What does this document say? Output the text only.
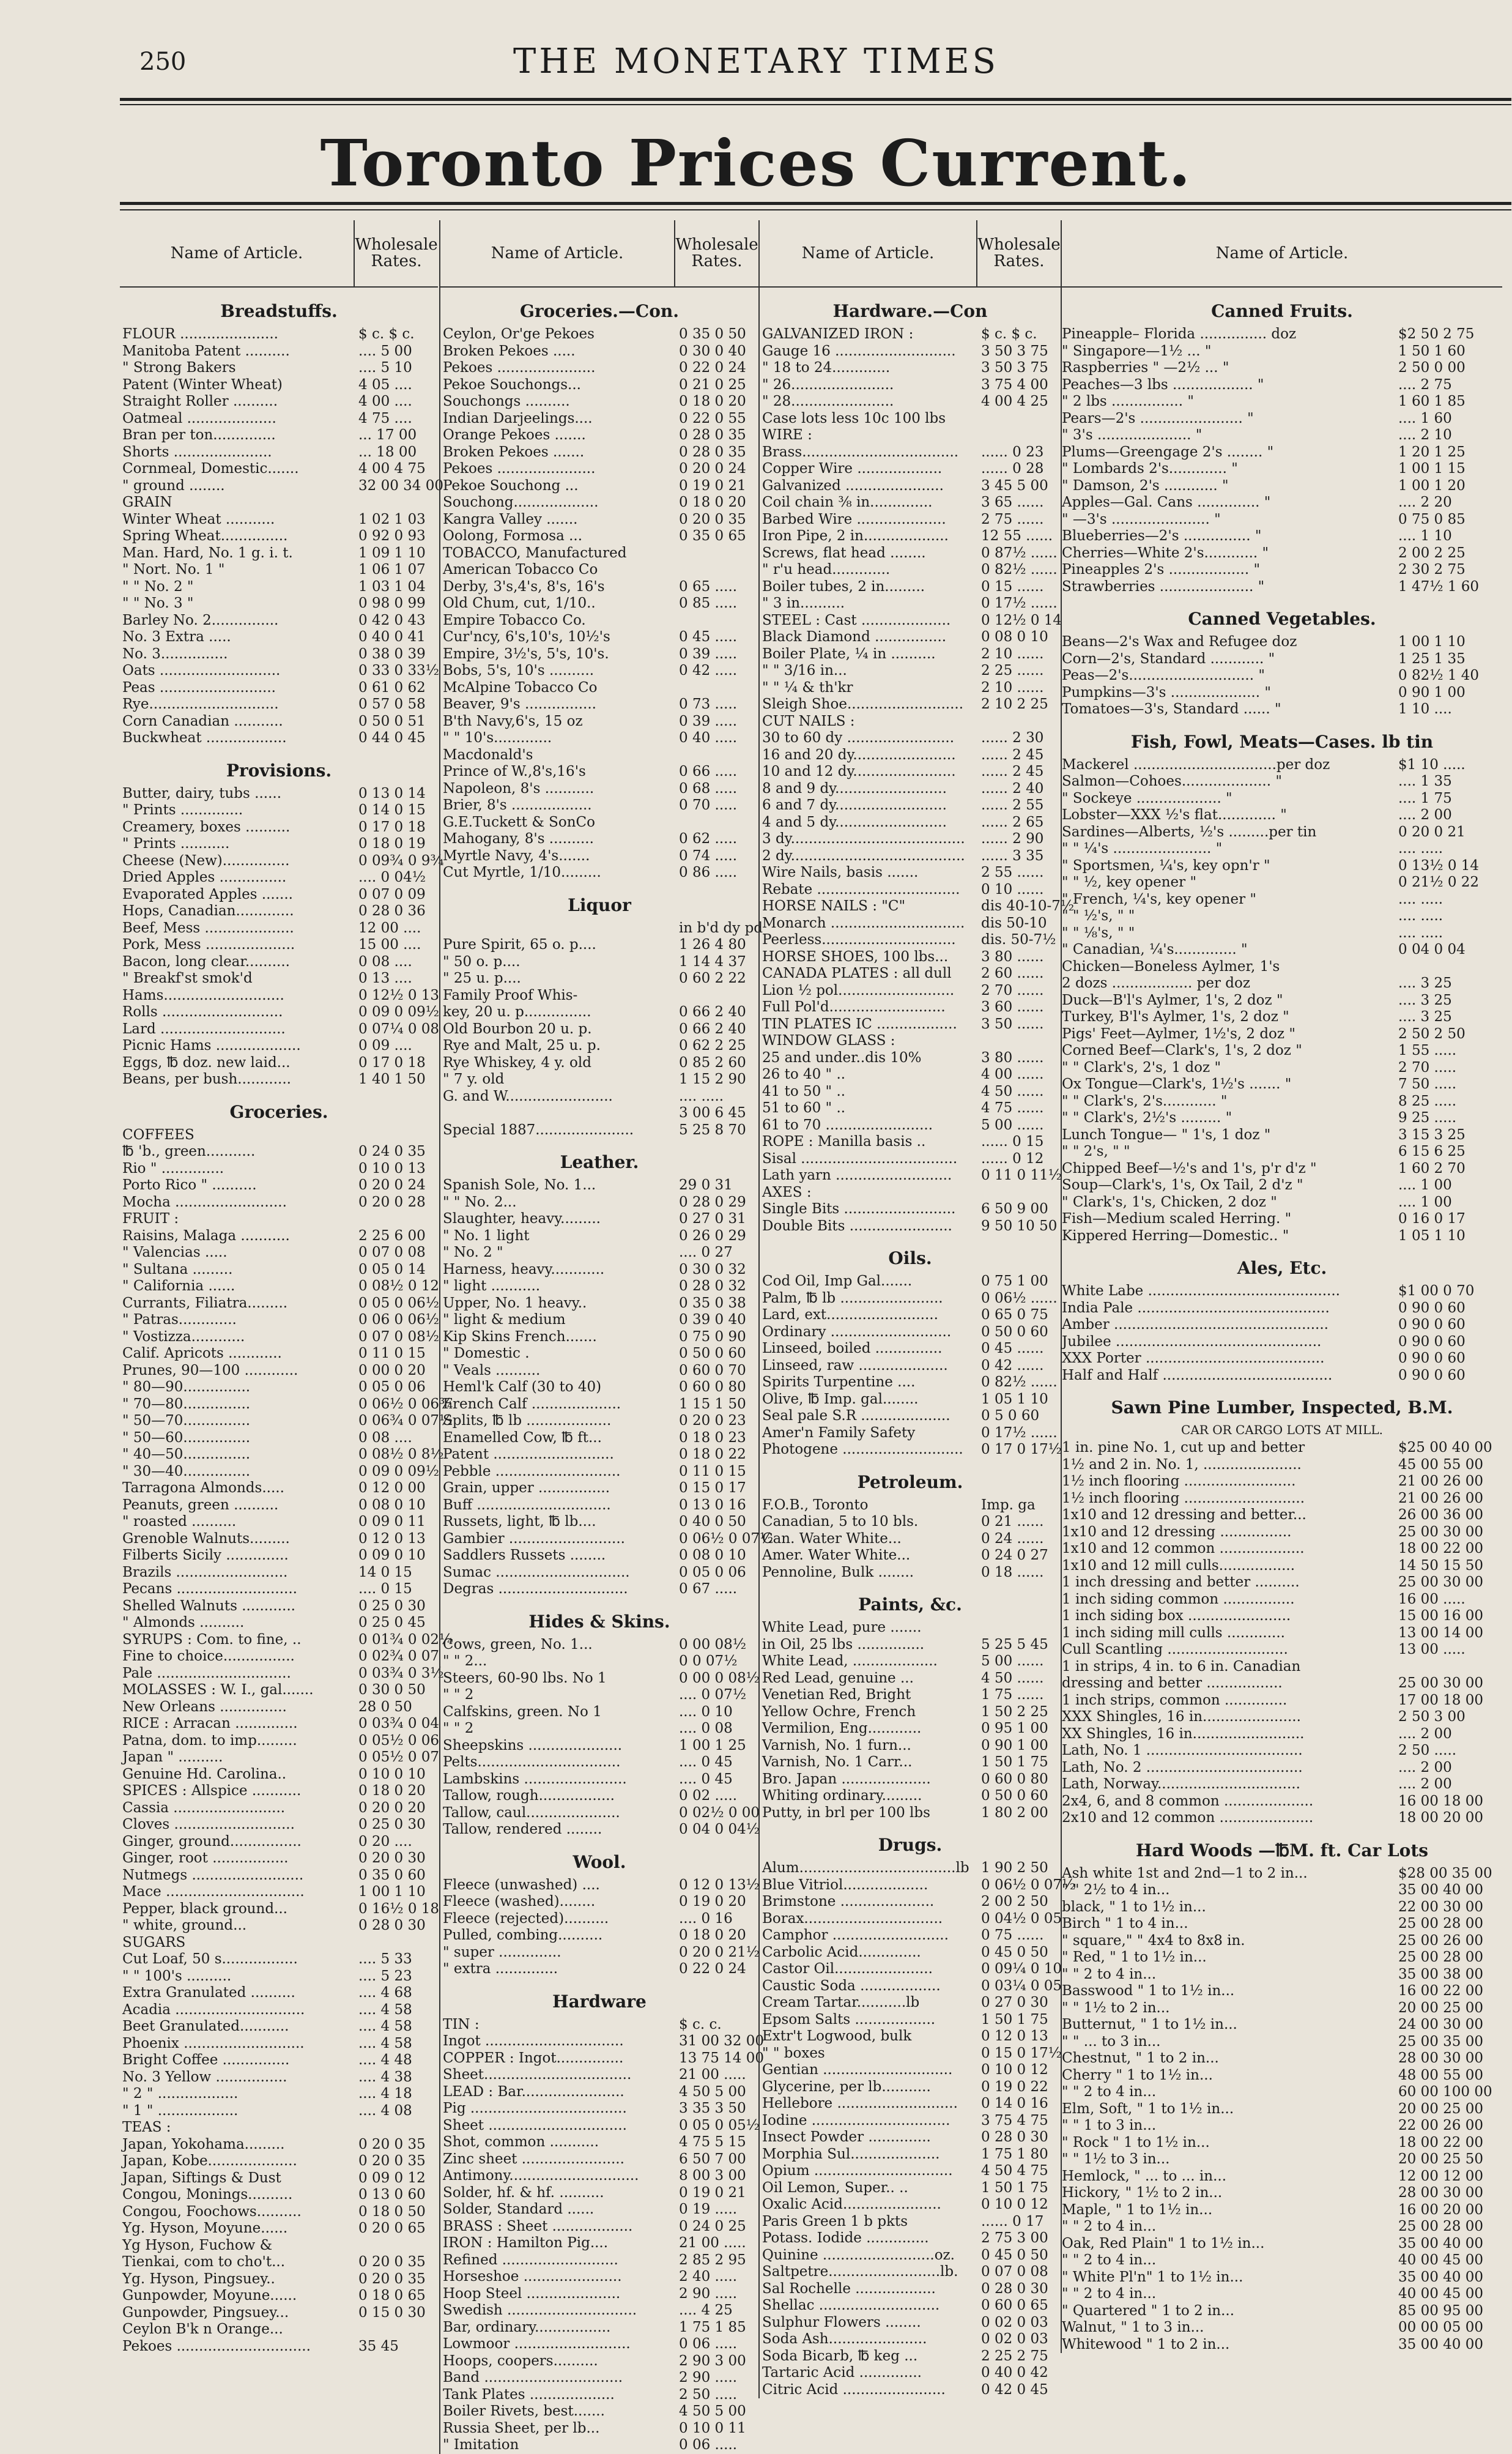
250	THE MONETARY TIMES
Toronto Prices Current.
Name of Article.	Wholesale Rates.
Breadstuffs.
FLOUR ......................	$ c. $ c.
Manitoba Patent ..........	.... 5 00
" Strong Bakers	.... 5 10
Patent (Winter Wheat)	4 05 ....
Straight Roller ..........	4 00 ....
Oatmeal ....................	4 75 ....
Bran per ton..............	... 17 00
Shorts ......................	... 18 00
Cornmeal, Domestic.......	4 00 4 75
" ground ........	32 00 34 00
GRAIN
Winter Wheat ...........	1 02 1 03
Spring Wheat...............	0 92 0 93
Man. Hard, No. 1 g. i. t.	1 09 1 10
" Nort. No. 1 "	1 06 1 07
" " No. 2 "	1 03 1 04
" " No. 3 "	0 98 0 99
Barley No. 2...............	0 42 0 43
No. 3 Extra .....	0 40 0 41
No. 3...............	0 38 0 39
Oats ...........................	0 33 0 33½
Peas ..........................	0 61 0 62
Rye.............................	0 57 0 58
Corn Canadian ...........	0 50 0 51
Buckwheat ..................	0 44 0 45
Provisions.
Butter, dairy, tubs ......	0 13 0 14
" Prints ..............	0 14 0 15
Creamery, boxes ..........	0 17 0 18
" Prints ...........	0 18 0 19
Cheese (New)...............	0 09¾ 0 9¾
Dried Apples ...............	.... 0 04½
Evaporated Apples .......	0 07 0 09
Hops, Canadian.............	0 28 0 36
Beef, Mess ....................	12 00 ....
Pork, Mess ....................	15 00 ....
Bacon, long clear..........	0 08 ....
" Breakf'st smok'd	0 13 ....
Hams...........................	0 12½ 0 13
Rolls ...........................	0 09 0 09½
Lard ............................	0 07¼ 0 08
Picnic Hams ...................	0 09 ....
Eggs, ℔ doz. new laid...	0 17 0 18
Beans, per bush............	1 40 1 50
Groceries.
COFFEES
℔ 'b., green...........	0 24 0 35
Rio " ..............	0 10 0 13
Porto Rico " ..........	0 20 0 24
Mocha .........................	0 20 0 28
FRUIT :
Raisins, Malaga ...........	2 25 6 00
" Valencias .....	0 07 0 08
" Sultana .........	0 05 0 14
" California ......	0 08½ 0 12
Currants, Filiatra.........	0 05 0 06½
" Patras.............	0 06 0 06½
" Vostizza............	0 07 0 08½
Calif. Apricots ............	0 11 0 15
Prunes, 90—100 ............	0 00 0 20
" 80—90...............	0 05 0 06
" 70—80...............	0 06½ 0 06¾
" 50—70...............	0 06¾ 0 07½
" 50—60...............	0 08 ....
" 40—50...............	0 08½ 0 8½
" 30—40...............	0 09 0 09½
Tarragona Almonds.....	0 12 0 00
Peanuts, green ..........	0 08 0 10
" roasted ..........	0 09 0 11
Grenoble Walnuts.........	0 12 0 13
Filberts Sicily ..............	0 09 0 10
Brazils .........................	14 0 15
Pecans ...........................	.... 0 15
Shelled Walnuts ............	0 25 0 30
" Almonds ..........	0 25 0 45
SYRUPS : Com. to fine, ..	0 01¾ 0 02¼
Fine to choice................	0 02¾ 0 07
Pale ..............................	0 03¾ 0 3½
MOLASSES : W. I., gal.......	0 30 0 50
New Orleans ...............	28 0 50
RICE : Arracan ..............	0 03¾ 0 04
Patna, dom. to imp.........	0 05½ 0 06
Japan " ..........	0 05½ 0 07
Genuine Hd. Carolina..	0 10 0 10
SPICES : Allspice ...........	0 18 0 20
Cassia .........................	0 20 0 20
Cloves ...........................	0 25 0 30
Ginger, ground................	0 20 ....
Ginger, root .................	0 20 0 30
Nutmegs .........................	0 35 0 60
Mace ...............................	1 00 1 10
Pepper, black ground...	0 16½ 0 18
" white, ground...	0 28 0 30
SUGARS
Cut Loaf, 50 s.................	.... 5 33
" " 100's ..........	.... 5 23
Extra Granulated ..........	.... 4 68
Acadia .............................	.... 4 58
Beet Granulated...........	.... 4 58
Phoenix ...........................	.... 4 58
Bright Coffee ...............	.... 4 48
No. 3 Yellow ................	.... 4 38
" 2 " ..................	.... 4 18
" 1 " ..................	.... 4 08
TEAS :
Japan, Yokohama.........	0 20 0 35
Japan, Kobe....................	0 20 0 35
Japan, Siftings & Dust	0 09 0 12
Congou, Monings..........	0 13 0 60
Congou, Foochows..........	0 18 0 50
Yg. Hyson, Moyune......	0 20 0 65
Yg Hyson, Fuchow &
Tienkai, com to cho't...	0 20 0 35
Yg. Hyson, Pingsuey..	0 20 0 35
Gunpowder, Moyune......	0 18 0 65
Gunpowder, Pingsuey...	0 15 0 30
Ceylon B'k n Orange...
Pekoes ..............................	35 45
Name of Article.	Wholesale Rates.
Groceries.—Con.
Ceylon, Or'ge Pekoes	0 35 0 50
Broken Pekoes .....	0 30 0 40
Pekoes ......................	0 22 0 24
Pekoe Souchongs...	0 21 0 25
Souchongs ..........	0 18 0 20
Indian Darjeelings....	0 22 0 55
Orange Pekoes .......	0 28 0 35
Broken Pekoes .......	0 28 0 35
Pekoes ......................	0 20 0 24
Pekoe Souchong ...	0 19 0 21
Souchong...................	0 18 0 20
Kangra Valley .......	0 20 0 35
Oolong, Formosa ...	0 35 0 65
TOBACCO, Manufactured
American Tobacco Co
Derby, 3's,4's, 8's, 16's	0 65 .....
Old Chum, cut, 1/10..	0 85 .....
Empire Tobacco Co.
Cur'ncy, 6's,10's, 10½'s	0 45 .....
Empire, 3½'s, 5's, 10's.	0 39 .....
Bobs, 5's, 10's ..........	0 42 .....
McAlpine Tobacco Co
Beaver, 9's ................	0 73 .....
B'th Navy,6's, 15 oz	0 39 .....
" " 10's.............	0 40 .....
Macdonald's
Prince of W.,8's,16's	0 66 .....
Napoleon, 8's ...........	0 68 .....
Brier, 8's ..................	0 70 .....
G.E.Tuckett & SonCo
Mahogany, 8's ..........	0 62 .....
Myrtle Navy, 4's.......	0 74 .....
Cut Myrtle, 1/10.........	0 86 .....
Liquor
in b'd dy pd
Pure Spirit, 65 o. p....	1 26 4 80
" 50 o. p....	1 14 4 37
" 25 u. p....	0 60 2 22
Family Proof Whis-
key, 20 u. p...............	0 66 2 40
Old Bourbon 20 u. p.	0 66 2 40
Rye and Malt, 25 u. p.	0 62 2 25
Rye Whiskey, 4 y. old	0 85 2 60
" 7 y. old	1 15 2 90
G. and W........................	.... .....
3 00 6 45
Special 1887......................	5 25 8 70
Leather.
Spanish Sole, No. 1...	29 0 31
" " No. 2...	0 28 0 29
Slaughter, heavy.........	0 27 0 31
" No. 1 light	0 26 0 29
" No. 2 "	.... 0 27
Harness, heavy............	0 30 0 32
" light ...........	0 28 0 32
Upper, No. 1 heavy..	0 35 0 38
" light & medium	0 39 0 40
Kip Skins French.......	0 75 0 90
" Domestic .	0 50 0 60
" Veals ..........	0 60 0 70
Heml'k Calf (30 to 40)	0 60 0 80
French Calf ....................	1 15 1 50
Splits, ℔ lb ...................	0 20 0 23
Enamelled Cow, ℔ ft...	0 18 0 23
Patent ...........................	0 18 0 22
Pebble ............................	0 11 0 15
Grain, upper ................	0 15 0 17
Buff ..............................	0 13 0 16
Russets, light, ℔ lb....	0 40 0 50
Gambier ..........................	0 06½ 0 07½
Saddlers Russets ........	0 08 0 10
Sumac ..............................	0 05 0 06
Degras .............................	0 67 .....
Hides & Skins.
Cows, green, No. 1...	0 00 08½
" " 2...	0 0 07½
Steers, 60-90 lbs. No 1	0 00 0 08½
" " 2	.... 0 07½
Calfskins, green. No 1	.... 0 10
" " 2	.... 0 08
Sheepskins .....................	1 00 1 25
Pelts................................	.... 0 45
Lambskins .......................	.... 0 45
Tallow, rough.................	0 02 .....
Tallow, caul.....................	0 02½ 0 00
Tallow, rendered ........	0 04 0 04½
Wool.
Fleece (unwashed) ....	0 12 0 13½
Fleece (washed)........	0 19 0 20
Fleece (rejected)..........	.... 0 16
Pulled, combing..........	0 18 0 20
" super ..............	0 20 0 21½
" extra ..............	0 22 0 24
Hardware
TIN :	$ c. c.
Ingot ...............................	31 00 32 00
COPPER : Ingot...............	13 75 14 00
Sheet.................................	21 00 .....
LEAD : Bar.......................	4 50 5 00
Pig ...................................	3 35 3 50
Sheet ...............................	0 05 0 05½
Shot, common ...........	4 75 5 15
Zinc sheet .......................	6 50 7 00
Antimony.............................	8 00 3 00
Solder, hf. & hf. ..........	0 19 0 21
Solder, Standard ......	0 19 .....
BRASS : Sheet ..................	0 24 0 25
IRON : Hamilton Pig....	21 00 .....
Refined ..........................	2 85 2 95
Horseshoe ......................	2 40 .....
Hoop Steel .....................	2 90 .....
Swedish .............................	.... 4 25
Bar, ordinary.................	1 75 1 85
Lowmoor ..........................	0 06 .....
Hoops, coopers..........	2 90 3 00
Band ...............................	2 90 .....
Tank Plates ...................	2 50 .....
Boiler Rivets, best.......	4 50 5 00
Russia Sheet, per lb...	0 10 0 11
" Imitation	0 06 .....
Name of Article.	Wholesale Rates.
Hardware.—Con
GALVANIZED IRON :	$ c. $ c.
Gauge 16 ...........................	3 50 3 75
" 18 to 24.............	3 50 3 75
" 26.......................	3 75 4 00
" 28.......................	4 00 4 25
Case lots less 10c 100 lbs
WIRE :
Brass...................................	...... 0 23
Copper Wire ...................	...... 0 28
Galvanized ......................	3 45 5 00
Coil chain ⅜ in..............	3 65 ......
Barbed Wire ....................	2 75 ......
Iron Pipe, 2 in...................	12 55 ......
Screws, flat head ........	0 87½ ......
" r'u head.............	0 82½ ......
Boiler tubes, 2 in.........	0 15 ......
" 3 in..........	0 17½ ......
STEEL : Cast ....................	0 12½ 0 14
Black Diamond ................	0 08 0 10
Boiler Plate, ¼ in ..........	2 10 ......
" " 3/16 in...	2 25 ......
" " ¼ & th'kr	2 10 ......
Sleigh Shoe..........................	2 10 2 25
CUT NAILS :
30 to 60 dy ........................	...... 2 30
16 and 20 dy.......................	...... 2 45
10 and 12 dy.......................	...... 2 45
8 and 9 dy.........................	...... 2 40
6 and 7 dy.........................	...... 2 55
4 and 5 dy.........................	...... 2 65
3 dy.......................................	...... 2 90
2 dy.......................................	...... 3 35
Wire Nails, basis .......	2 55 ......
Rebate ................................	0 10 ......
HORSE NAILS : "C"	dis 40-10-7½
Monarch ..............................	dis 50-10
Peerless..............................	dis. 50-7½
HORSE SHOES, 100 lbs...	3 80 ......
CANADA PLATES : all dull	2 60 ......
Lion ½ pol..........................	2 70 ......
Full Pol'd..........................	3 60 ......
TIN PLATES IC ..................	3 50 ......
WINDOW GLASS :
25 and under..dis 10%	3 80 ......
26 to 40 " ..	4 00 ......
41 to 50 " ..	4 50 ......
51 to 60 " ..	4 75 ......
61 to 70 ........................	5 00 ......
ROPE : Manilla basis ..	...... 0 15
Sisal ...................................	...... 0 12
Lath yarn ..........................	0 11 0 11½
AXES :
Single Bits .........................	6 50 9 00
Double Bits .......................	9 50 10 50
Oils.
Cod Oil, Imp Gal.......	0 75 1 00
Palm, ℔ lb .......................	0 06½ ......
Lard, ext.........................	0 65 0 75
Ordinary ...........................	0 50 0 60
Linseed, boiled ...............	0 45 ......
Linseed, raw ....................	0 42 ......
Spirits Turpentine ....	0 82½ ......
Olive, ℔ Imp. gal........	1 05 1 10
Seal pale S.R ....................	0 5 0 60
Amer'n Family Safety	0 17½ ......
Photogene ...........................	0 17 0 17½
Petroleum.
F.O.B., Toronto	Imp. ga
Canadian, 5 to 10 bls.	0 21 ......
Can. Water White...	0 24 ......
Amer. Water White...	0 24 0 27
Pennoline, Bulk ........	0 18 ......
Paints, &c.
White Lead, pure .......
in Oil, 25 lbs ...............	5 25 5 45
White Lead, ...................	5 00 ......
Red Lead, genuine ...	4 50 ......
Venetian Red, Bright	1 75 ......
Yellow Ochre, French	1 50 2 25
Vermilion, Eng............	0 95 1 00
Varnish, No. 1 furn...	0 90 1 00
Varnish, No. 1 Carr...	1 50 1 75
Bro. Japan ....................	0 60 0 80
Whiting ordinary.........	0 50 0 60
Putty, in brl per 100 lbs	1 80 2 00
Drugs.
Alum...................................lb 1 90 2 50
Blue Vitriol...................	0 06½ 0 07½
Brimstone .....................	2 00 2 50
Borax...............................	0 04½ 0 05
Camphor ..........................	0 75 ......
Carbolic Acid..............	0 45 0 50
Castor Oil......................	0 09¼ 0 10
Caustic Soda ..................	0 03¼ 0 05
Cream Tartar...........lb	0 27 0 30
Epsom Salts ..................	1 50 1 75
Extr't Logwood, bulk	0 12 0 13
" " boxes	0 15 0 17½
Gentian .............................	0 10 0 12
Glycerine, per lb...........	0 19 0 22
Hellebore ...........................	0 14 0 16
Iodine ...............................	3 75 4 75
Insect Powder ..............	0 28 0 30
Morphia Sul....................	1 75 1 80
Opium ...............................	4 50 4 75
Oil Lemon, Super.. ..	1 50 1 75
Oxalic Acid......................	0 10 0 12
Paris Green 1 b pkts	...... 0 17
Potass. Iodide ..............	2 75 3 00
Quinine .........................oz.	0 45 0 50
Saltpetre.........................lb.	0 07 0 08
Sal Rochelle ..................	0 28 0 30
Shellac ...........................	0 60 0 65
Sulphur Flowers ........	0 02 0 03
Soda Ash......................	0 02 0 03
Soda Bicarb, ℔ keg ...	2 25 2 75
Tartaric Acid ..............	0 40 0 42
Citric Acid .......................	0 42 0 45
Name of Article.
Canned Fruits.
Pineapple– Florida ............... doz	$2 50 2 75
" Singapore—1½ ... "	1 50 1 60
Raspberries " —2½ ... "	2 50 0 00
Peaches—3 lbs .................. "	.... 2 75
" 2 lbs ................ "	1 60 1 85
Pears—2's ....................... "	.... 1 60
" 3's ..................... "	.... 2 10
Plums—Greengage 2's ........ "	1 20 1 25
" Lombards 2's............. "	1 00 1 15
" Damson, 2's ............ "	1 00 1 20
Apples—Gal. Cans .............. "	.... 2 20
" —3's ...................... "	0 75 0 85
Blueberries—2's ............... "	.... 1 10
Cherries—White 2's............ "	2 00 2 25
Pineapples 2's .................. "	2 30 2 75
Strawberries ..................... "	1 47½ 1 60
Canned Vegetables.
Beans—2's Wax and Refugee doz	1 00 1 10
Corn—2's, Standard ............ "	1 25 1 35
Peas—2's............................ "	0 82½ 1 40
Pumpkins—3's .................... "	0 90 1 00
Tomatoes—3's, Standard ...... "	1 10 ....
Fish, Fowl, Meats—Cases. lb tin
Mackerel ................................per doz	$1 10 .....
Salmon—Cohoes.................... "	.... 1 35
" Sockeye ................... "	.... 1 75
Lobster—XXX ½'s flat............. "	.... 2 00
Sardines—Alberts, ½'s .........per tin	0 20 0 21
" " ¼'s ...................... "	.... .....
" Sportsmen, ¼'s, key opn'r "	0 13½ 0 14
" " ½, key opener "	0 21½ 0 22
" French, ¼'s, key opener "	.... .....
" " ½'s, " "	.... .....
" " ⅛'s, " "	.... .....
" Canadian, ¼'s.............. "	0 04 0 04
Chicken—Boneless Aylmer, 1's
2 dozs .................. per doz	.... 3 25
Duck—B'l's Aylmer, 1's, 2 doz "	.... 3 25
Turkey, B'l's Aylmer, 1's, 2 doz "	.... 3 25
Pigs' Feet—Aylmer, 1½'s, 2 doz "	2 50 2 50
Corned Beef—Clark's, 1's, 2 doz "	1 55 .....
" " Clark's, 2's, 1 doz "	2 70 .....
Ox Tongue—Clark's, 1½'s ....... "	7 50 .....
" " Clark's, 2's............ "	8 25 .....
" " Clark's, 2½'s ......... "	9 25 .....
Lunch Tongue— " 1's, 1 doz "	3 15 3 25
" " 2's, " "	6 15 6 25
Chipped Beef—½'s and 1's, p'r d'z "	1 60 2 70
Soup—Clark's, 1's, Ox Tail, 2 d'z "	.... 1 00
" Clark's, 1's, Chicken, 2 doz "	.... 1 00
Fish—Medium scaled Herring. "	0 16 0 17
Kippered Herring—Domestic.. "	1 05 1 10
Ales, Etc.
White Labe ...........................................	$1 00 0 70
India Pale ...........................................	0 90 0 60
Amber ................................................	0 90 0 60
Jubilee ..............................................	0 90 0 60
XXX Porter ........................................	0 90 0 60
Half and Half ......................................	0 90 0 60
Sawn Pine Lumber, Inspected, B.M.
CAR OR CARGO LOTS AT MILL.
1 in. pine No. 1, cut up and better	$25 00 40 00
1½ and 2 in. No. 1, ......................	45 00 55 00
1½ inch flooring .........................	21 00 26 00
1½ inch flooring ...........................	21 00 26 00
1x10 and 12 dressing and better...	26 00 36 00
1x10 and 12 dressing ................	25 00 30 00
1x10 and 12 common ...................	18 00 22 00
1x10 and 12 mill culls.................	14 50 15 50
1 inch dressing and better ..........	25 00 30 00
1 inch siding common ................	16 00 .....
1 inch siding box .......................	15 00 16 00
1 inch siding mill culls .............	13 00 14 00
Cull Scantling ...........................	13 00 .....
1 in strips, 4 in. to 6 in. Canadian
dressing and better .................	25 00 30 00
1 inch strips, common ..............	17 00 18 00
XXX Shingles, 16 in......................	2 50 3 00
XX Shingles, 16 in.........................	.... 2 00
Lath, No. 1 ...................................	2 50 .....
Lath, No. 2 ...................................	.... 2 00
Lath, Norway................................	.... 2 00
2x4, 6, and 8 common ....................	16 00 18 00
2x10 and 12 common .....................	18 00 20 00
Hard Woods —℔M. ft. Car Lots
Ash white 1st and 2nd—1 to 2 in...	$28 00 35 00
" " 2½ to 4 in...	35 00 40 00
black, " 1 to 1½ in...	22 00 30 00
Birch " 1 to 4 in...	25 00 28 00
" square," " 4x4 to 8x8 in.	25 00 26 00
" Red, " 1 to 1½ in...	25 00 28 00
" " 2 to 4 in...	35 00 38 00
Basswood " 1 to 1½ in...	16 00 22 00
" " 1½ to 2 in...	20 00 25 00
Butternut, " 1 to 1½ in...	24 00 30 00
" " ... to 3 in...	25 00 35 00
Chestnut, " 1 to 2 in...	28 00 30 00
Cherry " 1 to 1½ in...	48 00 55 00
" " 2 to 4 in...	60 00 100 00
Elm, Soft, " 1 to 1½ in...	20 00 25 00
" " 1 to 3 in...	22 00 26 00
" Rock " 1 to 1½ in...	18 00 22 00
" " 1½ to 3 in...	20 00 25 50
Hemlock, " ... to ... in...	12 00 12 00
Hickory, " 1½ to 2 in...	28 00 30 00
Maple, " 1 to 1½ in...	16 00 20 00
" " 2 to 4 in...	25 00 28 00
Oak, Red Plain" 1 to 1½ in...	35 00 40 00
" " 2 to 4 in...	40 00 45 00
" White Pl'n" 1 to 1½ in...	35 00 40 00
" " 2 to 4 in...	40 00 45 00
" Quartered " 1 to 2 in...	85 00 95 00
Walnut, " 1 to 3 in...	00 00 05 00
Whitewood " 1 to 2 in...	35 00 40 00
